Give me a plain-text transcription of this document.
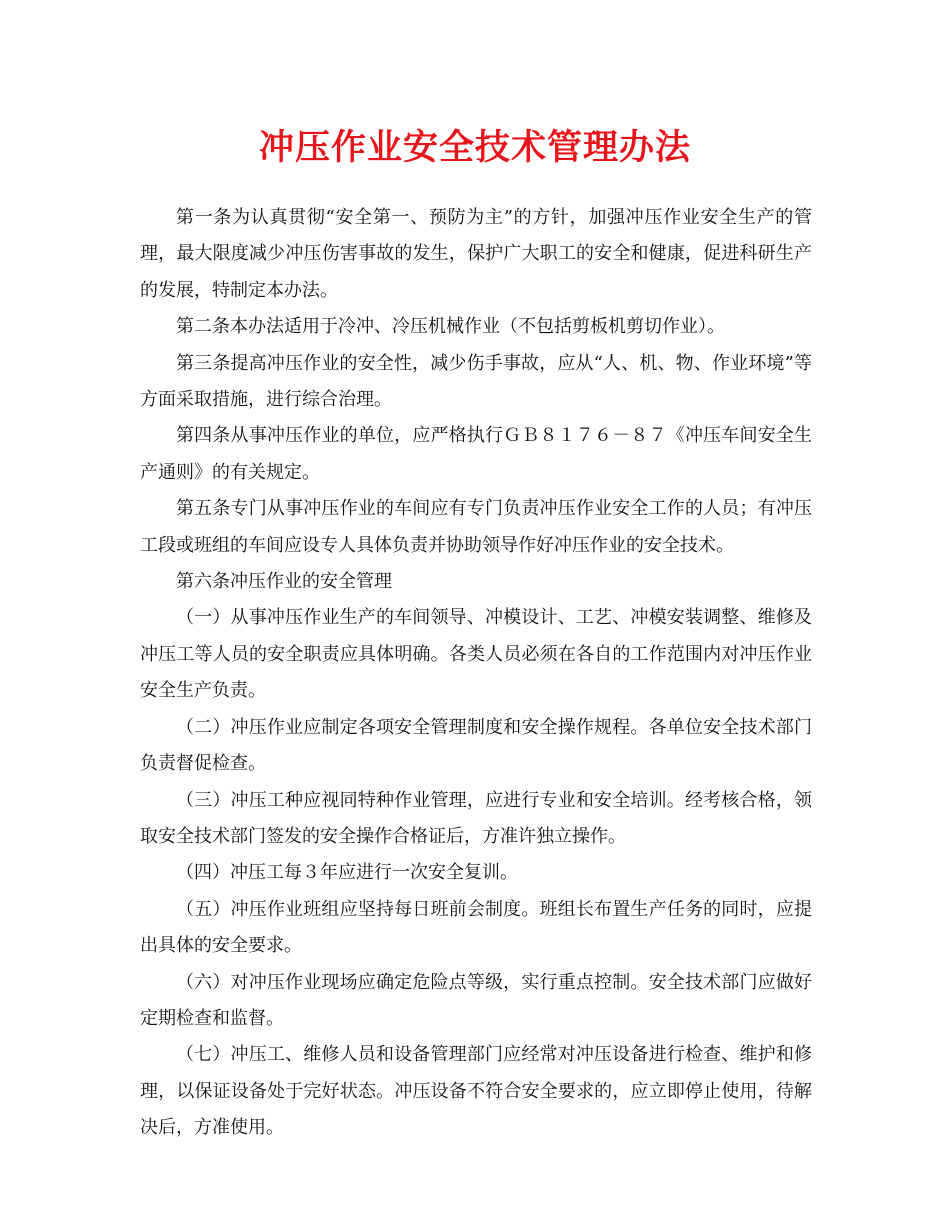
冲压作业安全技术管理办法

第一条为认真贯彻“安全第一、预防为主”的方针，加强冲压作业安全生产的管理，最大限度减少冲压伤害事故的发生，保护广大职工的安全和健康，促进科研生产的发展，特制定本办法。

第二条本办法适用于冷冲、冷压机械作业（不包括剪板机剪切作业）。

第三条提高冲压作业的安全性，减少伤手事故，应从“人、机、物、作业环境”等方面采取措施，进行综合治理。

第四条从事冲压作业的单位，应严格执行ＧＢ８１７６－８７《冲压车间安全生产通则》的有关规定。

第五条专门从事冲压作业的车间应有专门负责冲压作业安全工作的人员；有冲压工段或班组的车间应设专人具体负责并协助领导作好冲压作业的安全技术。

第六条冲压作业的安全管理

（一）从事冲压作业生产的车间领导、冲模设计、工艺、冲模安装调整、维修及冲压工等人员的安全职责应具体明确。各类人员必须在各自的工作范围内对冲压作业安全生产负责。

（二）冲压作业应制定各项安全管理制度和安全操作规程。各单位安全技术部门负责督促检查。

（三）冲压工种应视同特种作业管理，应进行专业和安全培训。经考核合格，领取安全技术部门签发的安全操作合格证后，方准许独立操作。

（四）冲压工每３年应进行一次安全复训。

（五）冲压作业班组应坚持每日班前会制度。班组长布置生产任务的同时，应提出具体的安全要求。

（六）对冲压作业现场应确定危险点等级，实行重点控制。安全技术部门应做好定期检查和监督。

（七）冲压工、维修人员和设备管理部门应经常对冲压设备进行检查、维护和修理，以保证设备处于完好状态。冲压设备不符合安全要求的，应立即停止使用，待解决后，方准使用。
